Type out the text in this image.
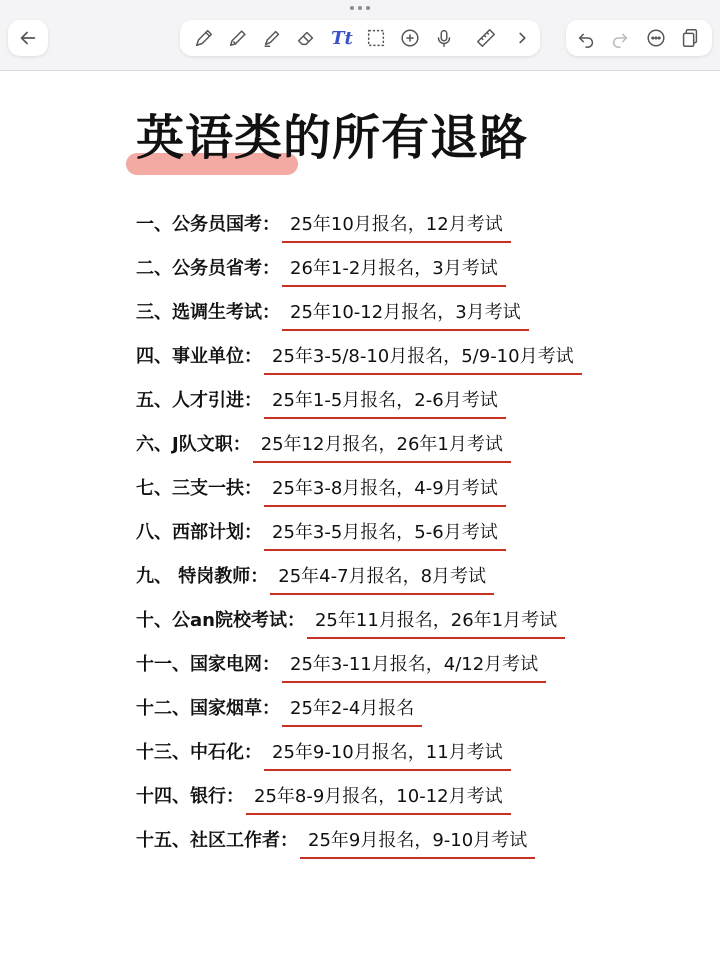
Tt
英语类的所有退路
一、公务员国考 ： 25年10月报名，12月考试
二、公务员省考 ： 26年1-2月报名，3月考试
三、选调生考试 ： 25年10-12月报名，3月考试
四、事业单位 ： 25年3-5/8-10月报名，5/9-10月考试
五、人才引进 ： 25年1-5月报名，2-6月考试
六、J队文职 ： 25年12月报名，26年1月考试
七、三支一扶 ： 25年3-8月报名，4-9月考试
八、西部计划 ： 25年3-5月报名，5-6月考试
九、 特岗教师 ： 25年4-7月报名，8月考试
十、公an院校考试 ： 25年11月报名，26年1月考试
十一、国家电网 ： 25年3-11月报名，4/12月考试
十二、国家烟草 ： 25年2-4月报名
十三、中石化 ： 25年9-10月报名，11月考试
十四、银行 ： 25年8-9月报名，10-12月考试
十五、社区工作者 ： 25年9月报名，9-10月考试
